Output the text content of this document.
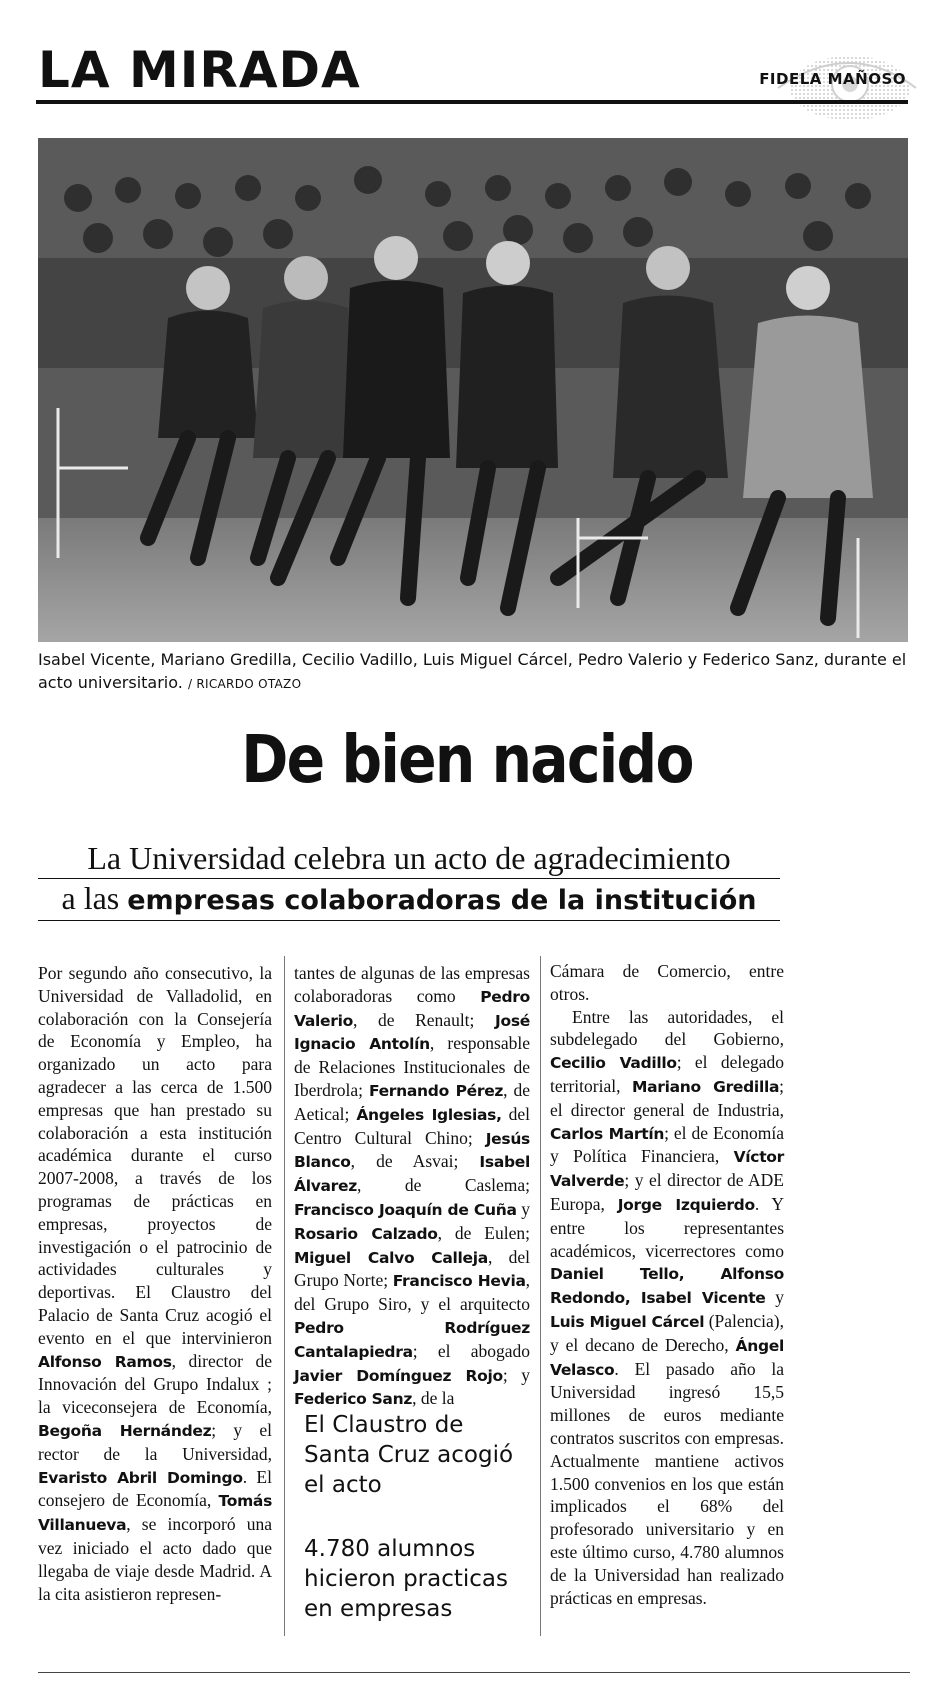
LA MIRADA	FIDELA MAÑOSO
Isabel Vicente, Mariano Gredilla, Cecilio Vadillo, Luis Miguel Cárcel, Pedro Valerio y Federico Sanz, durante el acto universitario. / RICARDO OTAZO
De bien nacido
La Universidad celebra un acto de agradecimiento
a las empresas colaboradoras de la institución

Por segundo año consecutivo, la Universidad de Valladolid, en colaboración con la Consejería de Economía y Empleo, ha organizado un acto para agradecer a las cerca de 1.500 empresas que han prestado su colaboración a esta institución académica durante el curso 2007-2008, a través de los programas de prácticas en empresas, proyectos de investigación o el patrocinio de actividades culturales y deportivas. El Claustro del Palacio de Santa Cruz acogió el evento en el que intervinieron Alfonso Ramos, director de Innovación del Grupo Indalux ; la viceconsejera de Economía, Begoña Hernández; y el rector de la Universidad, Evaristo Abril Domingo. El consejero de Economía, Tomás Villanueva, se incorporó una vez iniciado el acto dado que llegaba de viaje desde Madrid. A la cita asistieron represen-

tantes de algunas de las empresas colaboradoras como Pedro Valerio, de Renault; José Ignacio Antolín, responsable de Relaciones Institucionales de Iberdrola; Fernando Pérez, de Aetical; Ángeles Iglesias, del Centro Cultural Chino; Jesús Blanco, de Asvai; Isabel Álvarez, de Caslema; Francisco Joaquín de Cuña y Rosario Calzado, de Eulen; Miguel Calvo Calleja, del Grupo Norte; Francisco Hevia, del Grupo Siro, y el arquitecto Pedro Rodríguez Cantalapiedra; el abogado Javier Domínguez Rojo; y Federico Sanz, de la

El Claustro de Santa Cruz acogió el acto
4.780 alumnos hicieron practicas en empresas

Cámara de Comercio, entre otros.

Entre las autoridades, el subdelegado del Gobierno, Cecilio Vadillo; el delegado territorial, Mariano Gredilla; el director general de Industria, Carlos Martín; el de Economía y Política Financiera, Víctor Valverde; y el director de ADE Europa, Jorge Izquierdo. Y entre los representantes académicos, vicerrectores como Daniel Tello, Alfonso Redondo, Isabel Vicente y Luis Miguel Cárcel (Palencia), y el decano de Derecho, Ángel Velasco. El pasado año la Universidad ingresó 15,5 millones de euros mediante contratos suscritos con empresas. Actualmente mantiene activos 1.500 convenios en los que están implicados el 68% del profesorado universitario y en este último curso, 4.780 alumnos de la Universidad han realizado prácticas en empresas.
